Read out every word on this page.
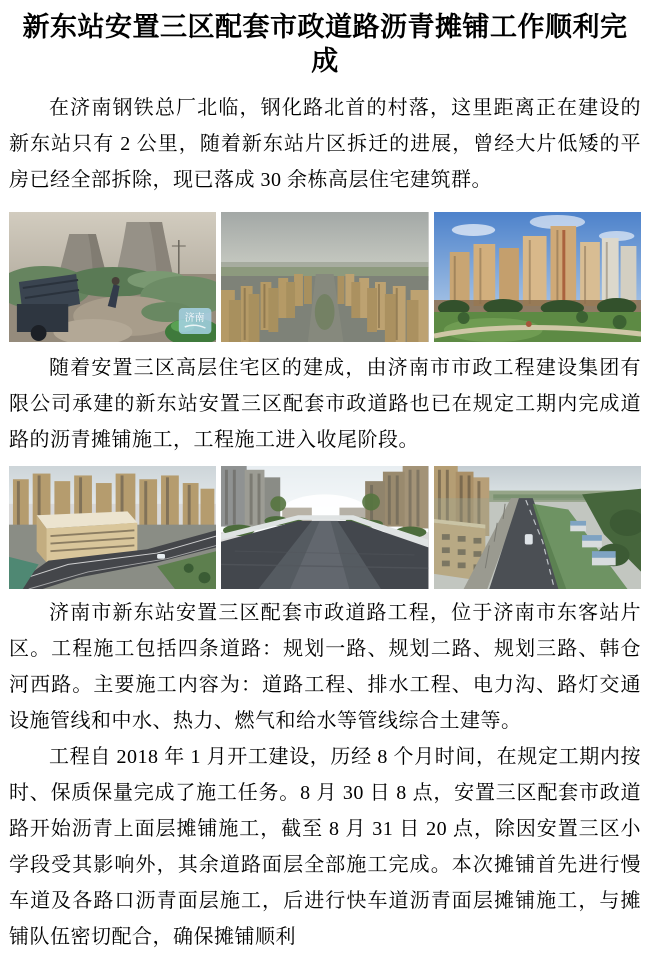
新东站安置三区配套市政道路沥青摊铺工作顺利完成

在济南钢铁总厂北临，钢化路北首的村落，这里距离正在建设的新东站只有 2 公里，随着新东站片区拆迁的进展，曾经大片低矮的平房已经全部拆除，现已落成 30 余栋高层住宅建筑群。

济南

随着安置三区高层住宅区的建成，由济南市市政工程建设集团有限公司承建的新东站安置三区配套市政道路也已在规定工期内完成道路的沥青摊铺施工，工程施工进入收尾阶段。

济南市新东站安置三区配套市政道路工程，位于济南市东客站片区。工程施工包括四条道路：规划一路、规划二路、规划三路、韩仓河西路。主要施工内容为：道路工程、排水工程、电力沟、路灯交通设施管线和中水、热力、燃气和给水等管线综合土建等。

工程自 2018 年 1 月开工建设，历经 8 个月时间，在规定工期内按时、保质保量完成了施工任务。8 月 30 日 8 点，安置三区配套市政道路开始沥青上面层摊铺施工，截至 8 月 31 日 20 点，除因安置三区小学段受其影响外，其余道路面层全部施工完成。本次摊铺首先进行慢车道及各路口沥青面层施工，后进行快车道沥青面层摊铺施工，与摊铺队伍密切配合，确保摊铺顺利
